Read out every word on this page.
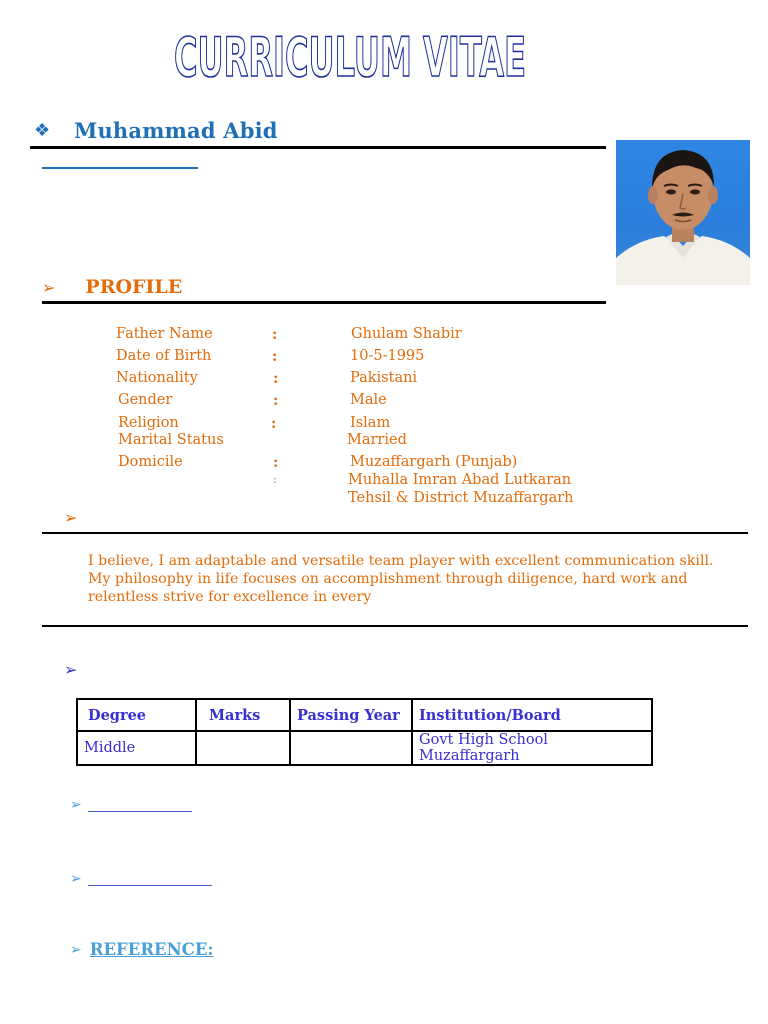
CURRICULUM VITAE
❖	Muhammad Abid
➢ PROFILE
Father Name	:	Ghulam Shabir
Date of Birth	:	10-5-1995
Nationality	:	Pakistani
Gender	:	Male
Religion	:	Islam
Marital Status	Married
Domicile	:	Muzaffargarh (Punjab)
:	Muhalla Imran Abad Lutkaran
Tehsil & District Muzaffargarh
➢
I believe, I am adaptable and versatile team player with excellent communication skill. My philosophy in life focuses on accomplishment through diligence, hard work and relentless strive for excellence in every
➢
Degree	Marks	Passing Year	Institution/Board
Middle			Govt High School Muzaffargarh
➢
➢
➢ REFERENCE:
